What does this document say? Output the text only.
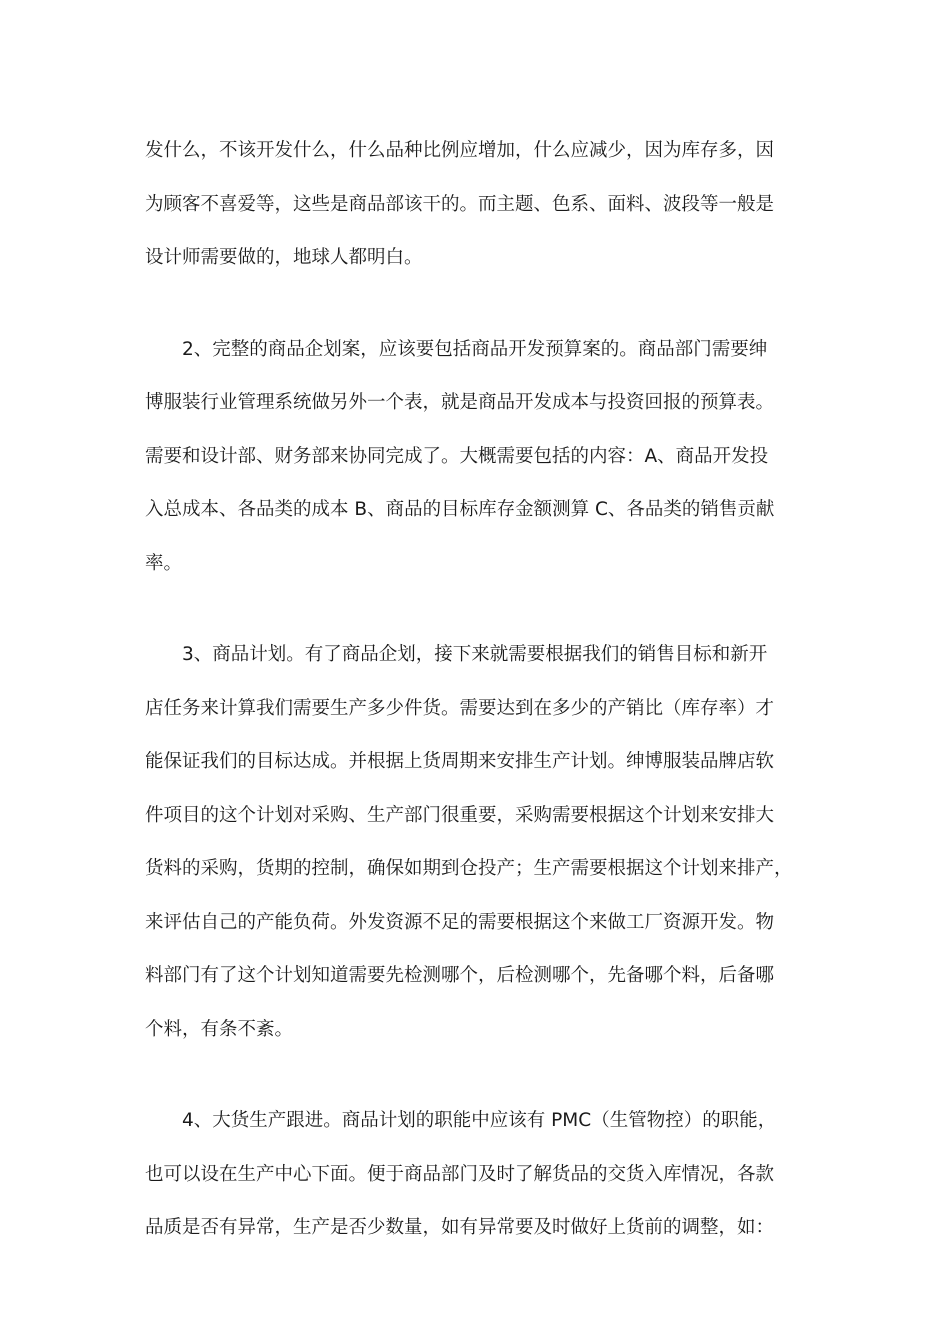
发什么，不该开发什么，什么品种比例应增加，什么应减少，因为库存多，因
为顾客不喜爱等，这些是商品部该干的。而主题、色系、面料、波段等一般是
设计师需要做的，地球人都明白。
2、完整的商品企划案，应该要包括商品开发预算案的。商品部门需要绅
博服装行业管理系统做另外一个表，就是商品开发成本与投资回报的预算表。
需要和设计部、财务部来协同完成了。大概需要包括的内容：A、商品开发投
入总成本、各品类的成本 B、商品的目标库存金额测算 C、各品类的销售贡献
率。
3、商品计划。有了商品企划，接下来就需要根据我们的销售目标和新开
店任务来计算我们需要生产多少件货。需要达到在多少的产销比（库存率）才
能保证我们的目标达成。并根据上货周期来安排生产计划。绅博服装品牌店软
件项目的这个计划对采购、生产部门很重要，采购需要根据这个计划来安排大
货料的采购，货期的控制，确保如期到仓投产；生产需要根据这个计划来排产，
来评估自己的产能负荷。外发资源不足的需要根据这个来做工厂资源开发。物
料部门有了这个计划知道需要先检测哪个，后检测哪个，先备哪个料，后备哪
个料，有条不紊。
4、大货生产跟进。商品计划的职能中应该有 PMC（生管物控）的职能，
也可以设在生产中心下面。便于商品部门及时了解货品的交货入库情况，各款
品质是否有异常，生产是否少数量，如有异常要及时做好上货前的调整，如：
